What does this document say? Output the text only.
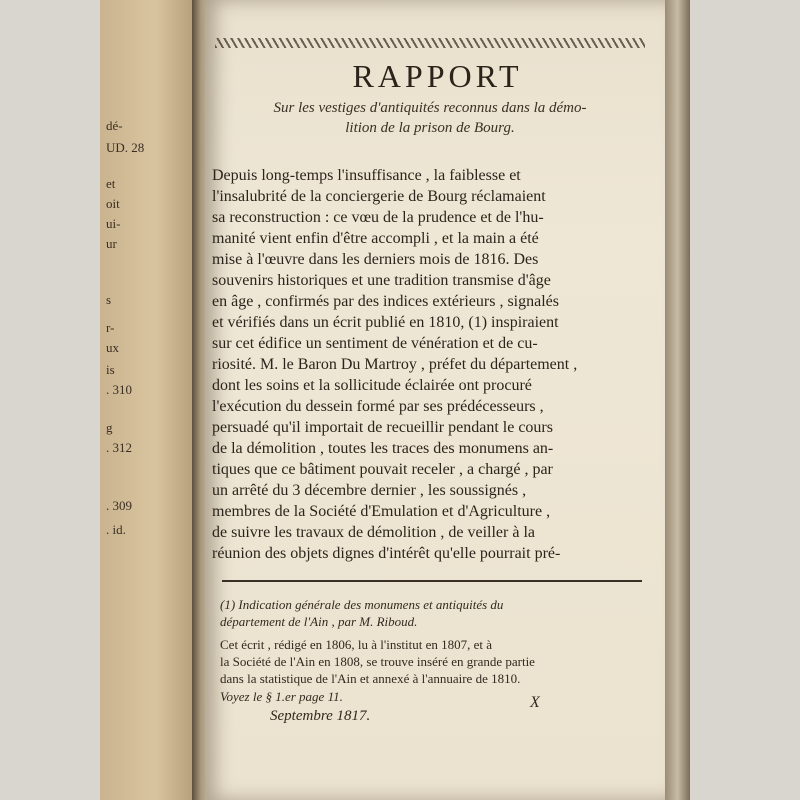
dé-
UD. 28
et
oit
ui-
ur
s
r-
ux
is
. 310
g
. 312
. 309
. id.
RAPPORT
Sur les vestiges d'antiquités reconnus dans la démo-
lition de la prison de Bourg.
Depuis long-temps l'insuffisance , la faiblesse et
l'insalubrité de la conciergerie de Bourg réclamaient
sa reconstruction : ce vœu de la prudence et de l'hu-
manité vient enfin d'être accompli , et la main a été
mise à l'œuvre dans les derniers mois de 1816. Des
souvenirs historiques et une tradition transmise d'âge
en âge , confirmés par des indices extérieurs , signalés
et vérifiés dans un écrit publié en 1810, (1) inspiraient
sur cet édifice un sentiment de vénération et de cu-
riosité. M. le Baron Du Martroy , préfet du département ,
dont les soins et la sollicitude éclairée ont procuré
l'exécution du dessein formé par ses prédécesseurs ,
persuadé qu'il importait de recueillir pendant le cours
de la démolition , toutes les traces des monumens an-
tiques que ce bâtiment pouvait receler , a chargé , par
un arrêté du 3 décembre dernier , les soussignés ,
membres de la Société d'Emulation et d'Agriculture ,
de suivre les travaux de démolition , de veiller à la
réunion des objets dignes d'intérêt qu'elle pourrait pré-
(1) Indication générale des monumens et antiquités du
département de l'Ain , par M. Riboud.
Cet écrit , rédigé en 1806, lu à l'institut en 1807, et à
la Société de l'Ain en 1808, se trouve inséré en grande partie
dans la statistique de l'Ain et annexé à l'annuaire de 1810.
Voyez le § 1.er page 11.
Septembre 1817.
X
